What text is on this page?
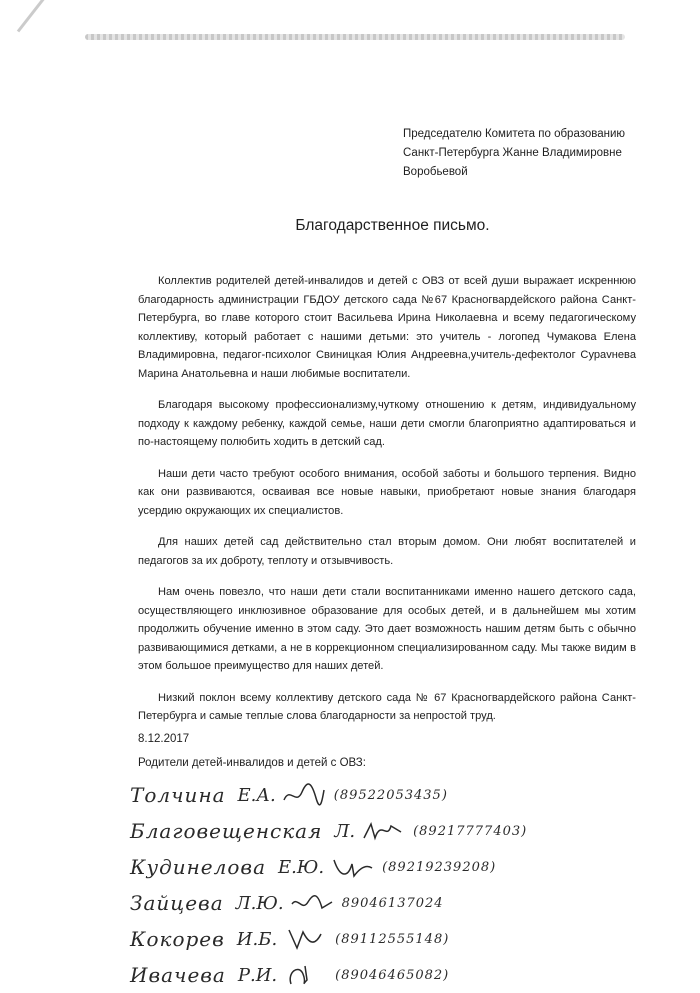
Председателю Комитета по образованию
Санкт-Петербурга Жанне Владимировне
Воробьевой
Благодарственное письмо.

Коллектив родителей детей-инвалидов и детей с ОВЗ от всей души выражает искреннюю благодарность администрации ГБДОУ детского сада №67 Красногвардейского района Санкт-Петербурга, во главе которого стоит Васильева Ирина Николаевна и всему педагогическому коллективу, который работает с нашими детьми: это учитель - логопед Чумакова Елена Владимировна, педагог-психолог Свиницкая Юлия Андреевна,учитель-дефектолог Сураvнева Марина Анатольевна и наши любимые воспитатели.

Благодаря высокому профессионализму,чуткому отношению к детям, индивидуальному подходу к каждому ребенку, каждой семье, наши дети смогли благоприятно адаптироваться и по-настоящему полюбить ходить в детский сад.

Наши дети часто требуют особого внимания, особой заботы и большого терпения. Видно как они развиваются, осваивая все новые навыки, приобретают новые знания благодаря усердию окружающих их специалистов.

Для наших детей сад действительно стал вторым домом. Они любят воспитателей и педагогов за их доброту, теплоту и отзывчивость.

Нам очень повезло, что наши дети стали воспитанниками именно нашего детского сада, осуществляющего инклюзивное образование для особых детей, и в дальнейшем мы хотим продолжить обучение именно в этом саду. Это дает возможность нашим детям быть с обычно развивающимися детками, а не в коррекционном специализированном саду. Мы также видим в этом большое преимущество для наших детей.

Низкий поклон всему коллективу детского сада № 67 Красногвардейского района Санкт-Петербурга и самые теплые слова благодарности за непростой труд.

8.12.2017
Родители детей-инвалидов и детей с ОВЗ:
Толчина Е.А.	(89522053435)
Благовещенская Л.	(89217777403)
Кудинелова Е.Ю.	(89219239208)
Зайцева Л.Ю.	89046137024
Кокорев И.Б.	(89112555148)
Ивачева Р.И.	(89046465082)
